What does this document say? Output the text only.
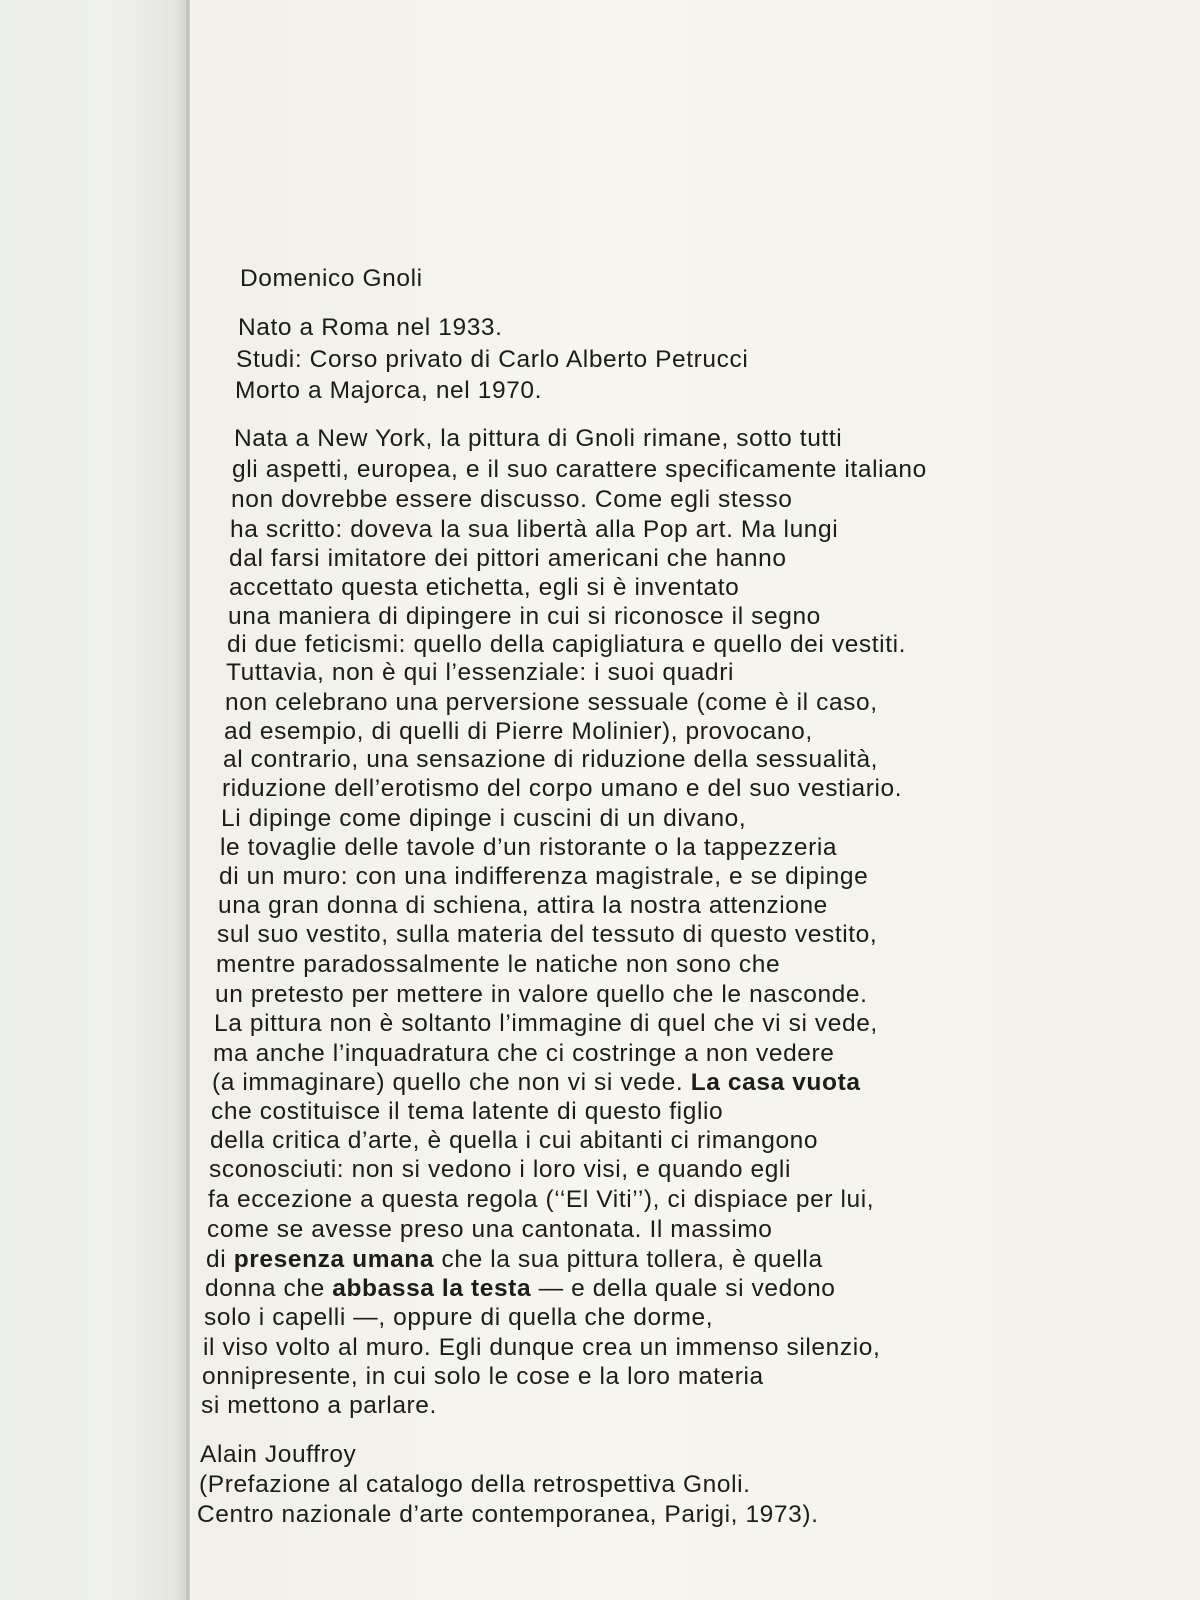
Domenico Gnoli
Nato a Roma nel 1933.
Studi: Corso privato di Carlo Alberto Petrucci
Morto a Majorca, nel 1970.
Nata a New York, la pittura di Gnoli rimane, sotto tutti
gli aspetti, europea, e il suo carattere specificamente italiano
non dovrebbe essere discusso. Come egli stesso
ha scritto: doveva la sua libertà alla Pop art. Ma lungi
dal farsi imitatore dei pittori americani che hanno
accettato questa etichetta, egli si è inventato
una maniera di dipingere in cui si riconosce il segno
di due feticismi: quello della capigliatura e quello dei vestiti.
Tuttavia, non è qui l’essenziale: i suoi quadri
non celebrano una perversione sessuale (come è il caso,
ad esempio, di quelli di Pierre Molinier), provocano,
al contrario, una sensazione di riduzione della sessualità,
riduzione dell’erotismo del corpo umano e del suo vestiario.
Li dipinge come dipinge i cuscini di un divano,
le tovaglie delle tavole d’un ristorante o la tappezzeria
di un muro: con una indifferenza magistrale, e se dipinge
una gran donna di schiena, attira la nostra attenzione
sul suo vestito, sulla materia del tessuto di questo vestito,
mentre paradossalmente le natiche non sono che
un pretesto per mettere in valore quello che le nasconde.
La pittura non è soltanto l’immagine di quel che vi si vede,
ma anche l’inquadratura che ci costringe a non vedere
(a immaginare) quello che non vi si vede. La casa vuota
che costituisce il tema latente di questo figlio
della critica d’arte, è quella i cui abitanti ci rimangono
sconosciuti: non si vedono i loro visi, e quando egli
fa eccezione a questa regola (‘‘El Viti’’), ci dispiace per lui,
come se avesse preso una cantonata. Il massimo
di presenza umana che la sua pittura tollera, è quella
donna che abbassa la testa — e della quale si vedono
solo i capelli —, oppure di quella che dorme,
il viso volto al muro. Egli dunque crea un immenso silenzio,
onnipresente, in cui solo le cose e la loro materia
si mettono a parlare.
Alain Jouffroy
(Prefazione al catalogo della retrospettiva Gnoli.
Centro nazionale d’arte contemporanea, Parigi, 1973).
